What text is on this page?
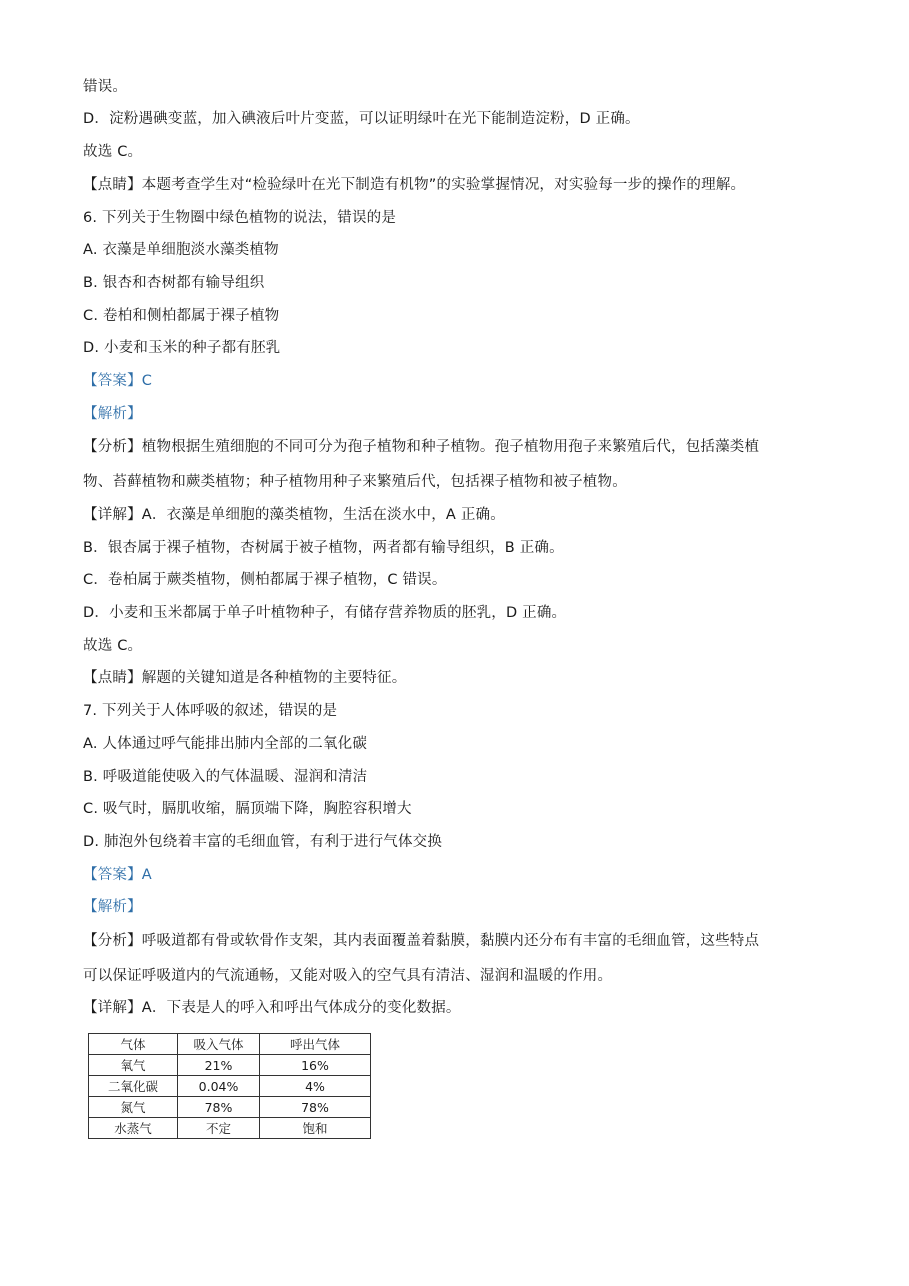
错误。
D．淀粉遇碘变蓝，加入碘液后叶片变蓝，可以证明绿叶在光下能制造淀粉，D 正确。
故选 C。
【点睛】本题考查学生对“检验绿叶在光下制造有机物”的实验掌握情况，对实验每一步的操作的理解。
6. 下列关于生物圈中绿色植物的说法，错误的是
A. 衣藻是单细胞淡水藻类植物
B. 银杏和杏树都有输导组织
C. 卷柏和侧柏都属于裸子植物
D. 小麦和玉米的种子都有胚乳
【答案】C
【解析】
【分析】植物根据生殖细胞的不同可分为孢子植物和种子植物。孢子植物用孢子来繁殖后代，包括藻类植
物、苔藓植物和蕨类植物；种子植物用种子来繁殖后代，包括裸子植物和被子植物。
【详解】A．衣藻是单细胞的藻类植物，生活在淡水中，A 正确。
B．银杏属于裸子植物，杏树属于被子植物，两者都有输导组织，B 正确。
C．卷柏属于蕨类植物，侧柏都属于裸子植物，C 错误。
D．小麦和玉米都属于单子叶植物种子，有储存营养物质的胚乳，D 正确。
故选 C。
【点睛】解题的关键知道是各种植物的主要特征。
7. 下列关于人体呼吸的叙述，错误的是
A. 人体通过呼气能排出肺内全部的二氧化碳
B. 呼吸道能使吸入的气体温暖、湿润和清洁
C. 吸气时，膈肌收缩，膈顶端下降，胸腔容积增大
D. 肺泡外包绕着丰富的毛细血管，有利于进行气体交换
【答案】A
【解析】
【分析】呼吸道都有骨或软骨作支架，其内表面覆盖着黏膜，黏膜内还分布有丰富的毛细血管，这些特点
可以保证呼吸道内的气流通畅，又能对吸入的空气具有清洁、湿润和温暖的作用。
【详解】A．下表是人的呼入和呼出气体成分的变化数据。
气体	吸入气体	呼出气体
氧气	21%	16%
二氧化碳	0.04%	4%
氮气	78%	78%
水蒸气	不定	饱和
